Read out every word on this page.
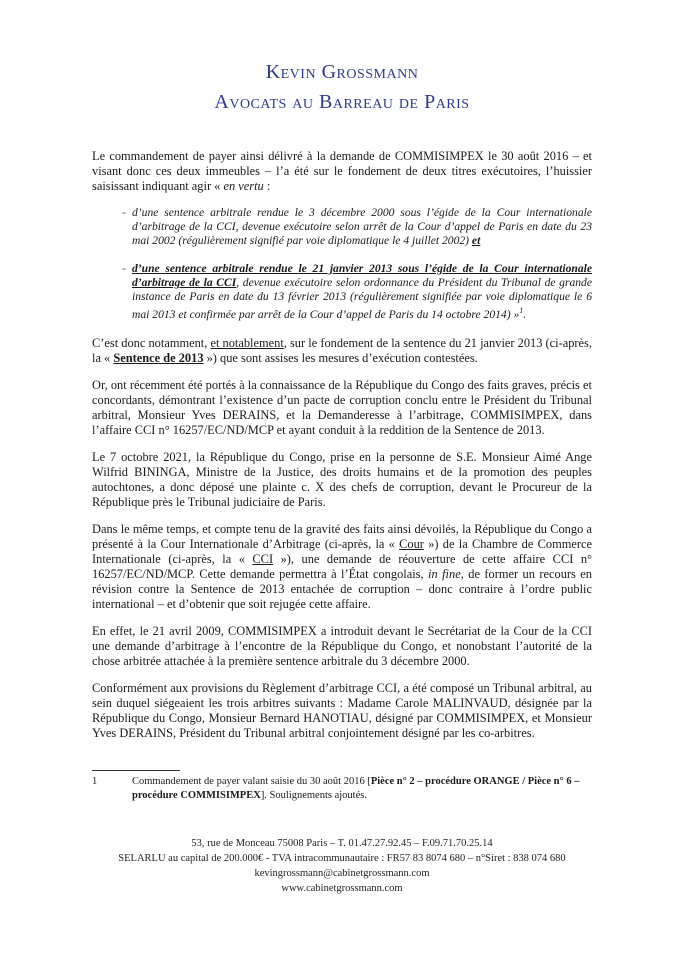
Kevin Grossmann
Avocats au Barreau de Paris

Le commandement de payer ainsi délivré à la demande de COMMISIMPEX le 30 août 2016 – et visant donc ces deux immeubles – l’a été sur le fondement de deux titres exécutoires, l’huissier saisissant indiquant agir « en vertu :

- d’une sentence arbitrale rendue le 3 décembre 2000 sous l’égide de la Cour internationale d’arbitrage de la CCI, devenue exécutoire selon arrêt de la Cour d’appel de Paris en date du 23 mai 2002 (régulièrement signifié par voie diplomatique le 4 juillet 2002) et
- d’une sentence arbitrale rendue le 21 janvier 2013 sous l’égide de la Cour internationale d’arbitrage de la CCI, devenue exécutoire selon ordonnance du Président du Tribunal de grande instance de Paris en date du 13 février 2013 (régulièrement signifiée par voie diplomatique le 6 mai 2013 et confirmée par arrêt de la Cour d’appel de Paris du 14 octobre 2014) »$^1$.

C’est donc notamment, et notablement, sur le fondement de la sentence du 21 janvier 2013 (ci-après, la « Sentence de 2013 ») que sont assises les mesures d’exécution contestées.

Or, ont récemment été portés à la connaissance de la République du Congo des faits graves, précis et concordants, démontrant l’existence d’un pacte de corruption conclu entre le Président du Tribunal arbitral, Monsieur Yves DERAINS, et la Demanderesse à l’arbitrage, COMMISIMPEX, dans l’affaire CCI n° 16257/EC/ND/MCP et ayant conduit à la reddition de la Sentence de 2013.

Le 7 octobre 2021, la République du Congo, prise en la personne de S.E. Monsieur Aimé Ange Wilfrid BININGA, Ministre de la Justice, des droits humains et de la promotion des peuples autochtones, a donc déposé une plainte c. X des chefs de corruption, devant le Procureur de la République près le Tribunal judiciaire de Paris.

Dans le même temps, et compte tenu de la gravité des faits ainsi dévoilés, la République du Congo a présenté à la Cour Internationale d’Arbitrage (ci-après, la « Cour ») de la Chambre de Commerce Internationale (ci-après, la « CCI »), une demande de réouverture de cette affaire CCI n° 16257/EC/ND/MCP. Cette demande permettra à l’État congolais, in fine, de former un recours en révision contre la Sentence de 2013 entachée de corruption – donc contraire à l’ordre public international – et d’obtenir que soit rejugée cette affaire.

En effet, le 21 avril 2009, COMMISIMPEX a introduit devant le Secrétariat de la Cour de la CCI une demande d’arbitrage à l’encontre de la République du Congo, et nonobstant l’autorité de la chose arbitrée attachée à la première sentence arbitrale du 3 décembre 2000.

Conformément aux provisions du Règlement d’arbitrage CCI, a été composé un Tribunal arbitral, au sein duquel siégeaient les trois arbitres suivants : Madame Carole MALINVAUD, désignée par la République du Congo, Monsieur Bernard HANOTIAU, désigné par COMMISIMPEX, et Monsieur Yves DERAINS, Président du Tribunal arbitral conjointement désigné par les co-arbitres.

1	Commandement de payer valant saisie du 30 août 2016 [Pièce n° 2 – procédure ORANGE / Pièce n° 6 – procédure COMMISIMPEX]. Soulignements ajoutés.
53, rue de Monceau 75008 Paris – T. 01.47.27.92.45 – F.09.71.70.25.14
SELARLU au capital de 200.000€ - TVA intracommunautaire : FR57 83 8074 680 – n°Siret : 838 074 680
kevingrossmann@cabinetgrossmann.com
www.cabinetgrossmann.com
